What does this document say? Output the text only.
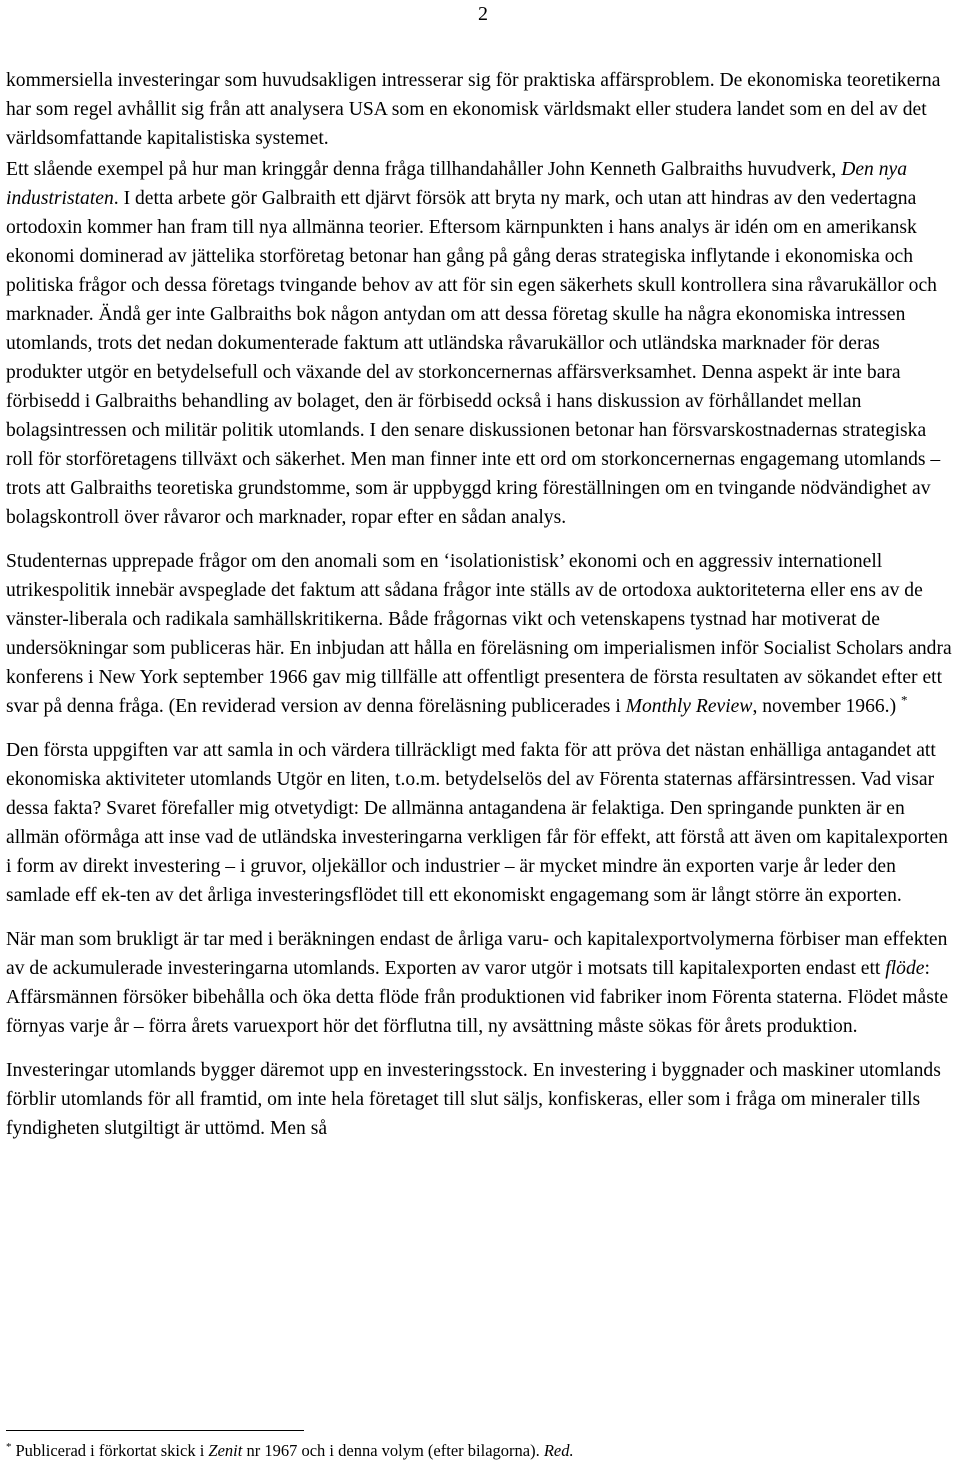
2

kommersiella investeringar som huvudsakligen intresserar sig för praktiska affärsproblem. De ekonomiska teoretikerna har som regel avhållit sig från att analysera USA som en ekonomisk världsmakt eller studera landet som en del av det världsomfattande kapitalistiska systemet.

Ett slående exempel på hur man kringgår denna fråga tillhandahåller John Kenneth Galbraiths huvudverk, Den nya industristaten. I detta arbete gör Galbraith ett djärvt försök att bryta ny mark, och utan att hindras av den vedertagna ortodoxin kommer han fram till nya allmänna teorier. Eftersom kärnpunkten i hans analys är idén om en amerikansk ekonomi dominerad av jättelika storföretag betonar han gång på gång deras strategiska inflytande i ekonomiska och politiska frågor och dessa företags tvingande behov av att för sin egen säkerhets skull kontrollera sina råvarukällor och marknader. Ändå ger inte Galbraiths bok någon antydan om att dessa företag skulle ha några ekonomiska intressen utomlands, trots det nedan dokumenterade faktum att utländska råvarukällor och utländska marknader för deras produkter utgör en betydelsefull och växande del av storkoncernernas affärsverksamhet. Denna aspekt är inte bara förbisedd i Galbraiths behandling av bolaget, den är förbisedd också i hans diskussion av förhållandet mellan bolagsintressen och militär politik utomlands. I den senare diskussionen betonar han försvarskostnadernas strategiska roll för storföretagens tillväxt och säkerhet. Men man finner inte ett ord om storkoncernernas engagemang utomlands – trots att Galbraiths teoretiska grundstomme, som är uppbyggd kring föreställningen om en tvingande nödvändighet av bolagskontroll över råvaror och marknader, ropar efter en sådan analys.

Studenternas upprepade frågor om den anomali som en ‘isolationistisk’ ekonomi och en aggressiv internationell utrikespolitik innebär avspeglade det faktum att sådana frågor inte ställs av de ortodoxa auktoriteterna eller ens av de vänster-liberala och radikala samhällskritikerna. Både frågornas vikt och vetenskapens tystnad har motiverat de undersökningar som publiceras här. En inbjudan att hålla en föreläsning om imperialismen inför Socialist Scholars andra konferens i New York september 1966 gav mig tillfälle att offentligt presentera de första resultaten av sökandet efter ett svar på denna fråga. (En reviderad version av denna föreläsning publicerades i Monthly Review, november 1966.) *

Den första uppgiften var att samla in och värdera tillräckligt med fakta för att pröva det nästan enhälliga antagandet att ekonomiska aktiviteter utomlands Utgör en liten, t.o.m. betydelselös del av Förenta staternas affärsintressen. Vad visar dessa fakta? Svaret förefaller mig otvetydigt: De allmänna antagandena är felaktiga. Den springande punkten är en allmän oförmåga att inse vad de utländska investeringarna verkligen får för effekt, att förstå att även om kapitalexporten i form av direkt investering – i gruvor, oljekällor och industrier – är mycket mindre än exporten varje år leder den samlade eff ek-ten av det årliga investeringsflödet till ett ekonomiskt engagemang som är långt större än exporten.

När man som brukligt är tar med i beräkningen endast de årliga varu- och kapitalexportvolymerna förbiser man effekten av de ackumulerade investeringarna utomlands. Exporten av varor utgör i motsats till kapitalexporten endast ett flöde: Affärsmännen försöker bibehålla och öka detta flöde från produktionen vid fabriker inom Förenta staterna. Flödet måste förnyas varje år – förra årets varuexport hör det förflutna till, ny avsättning måste sökas för årets produktion.

Investeringar utomlands bygger däremot upp en investeringsstock. En investering i byggnader och maskiner utomlands förblir utomlands för all framtid, om inte hela företaget till slut säljs, konfiskeras, eller som i fråga om mineraler tills fyndigheten slutgiltigt är uttömd. Men så

* Publicerad i förkortat skick i Zenit nr 1967 och i denna volym (efter bilagorna). Red.
